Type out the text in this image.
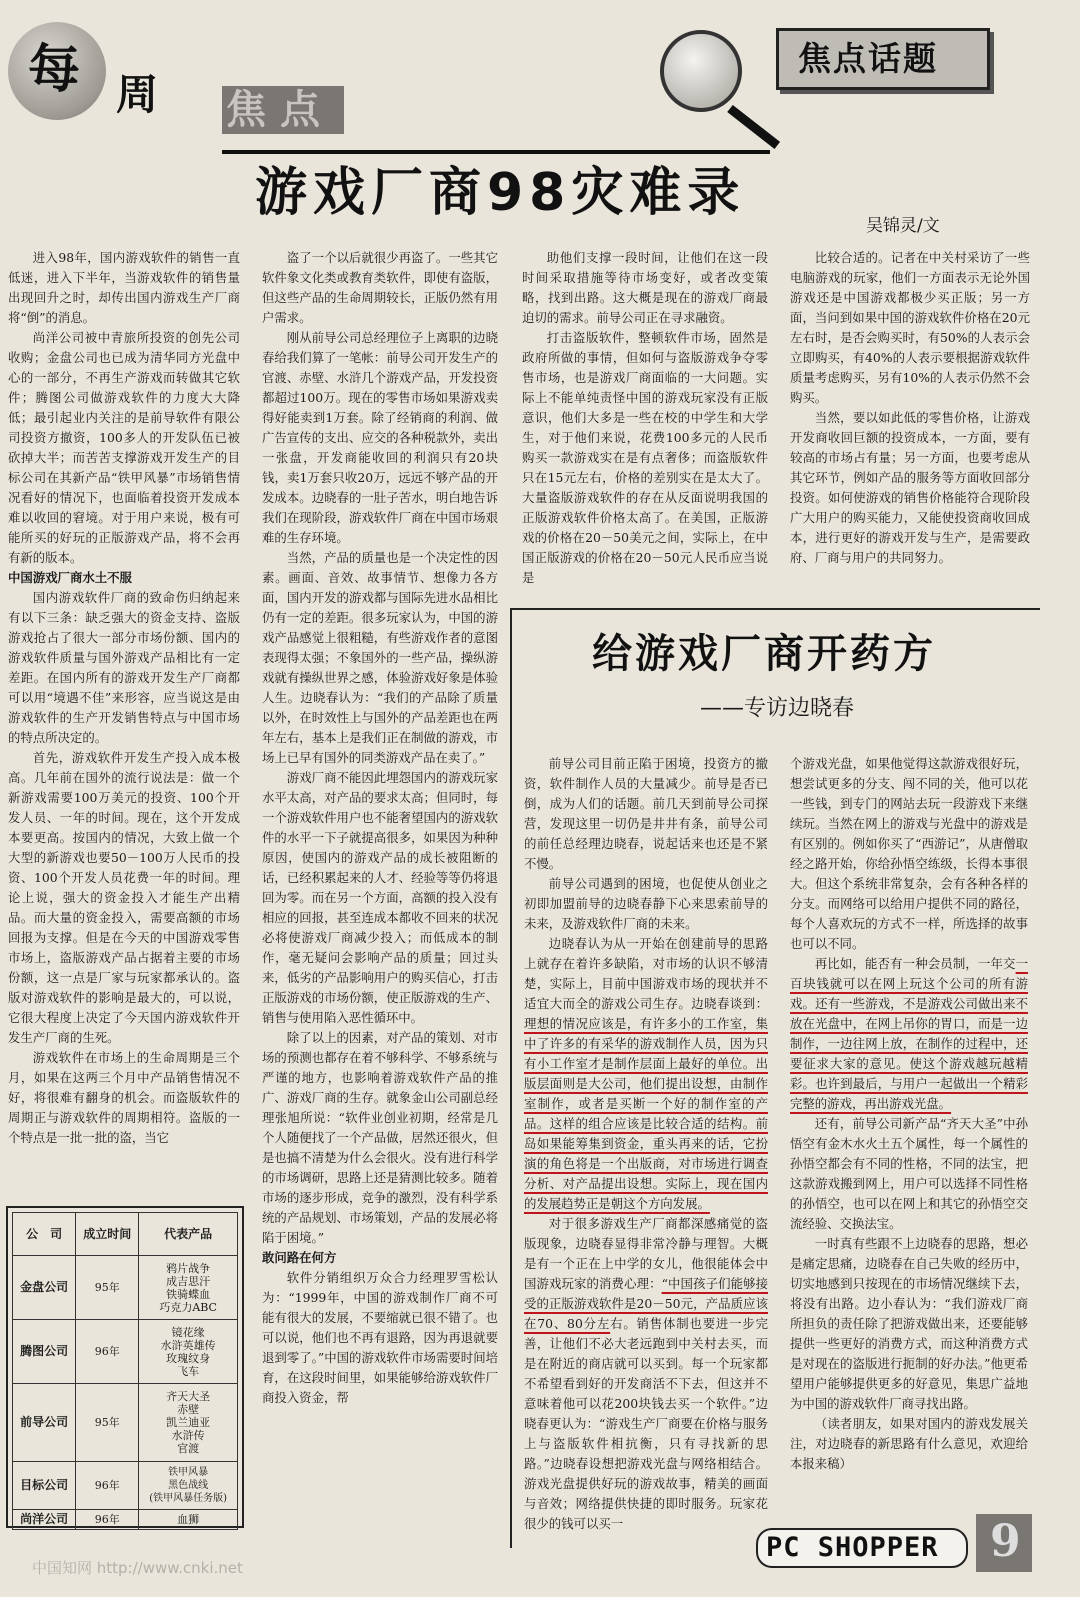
每 周 焦点
焦点话题
游戏厂商98灾难录
吴锦灵/文

进入98年，国内游戏软件的销售一直低迷，进入下半年，当游戏软件的销售量出现回升之时，却传出国内游戏生产厂商将“倒”的消息。

尚洋公司被中青旅所投资的创先公司收购；金盘公司也已成为清华同方光盘中心的一部分，不再生产游戏而转做其它软件；腾图公司做游戏软件的力度大大降低；最引起业内关注的是前导软件有限公司投资方撤资，100多人的开发队伍已被砍掉大半；而苦苦支撑游戏开发生产的目标公司在其新产品“铁甲风暴”市场销售情况看好的情况下，也面临着投资开发成本难以收回的窘境。对于用户来说，极有可能所买的好玩的正版游戏产品，将不会再有新的版本。

中国游戏厂商水土不服

国内游戏软件厂商的致命伤归纳起来有以下三条：缺乏强大的资金支持、盗版游戏抢占了很大一部分市场份额、国内的游戏软件质量与国外游戏产品相比有一定差距。在国内所有的游戏开发生产厂商都可以用“境遇不佳”来形容，应当说这是由游戏软件的生产开发销售特点与中国市场的特点所决定的。

首先，游戏软件开发生产投入成本极高。几年前在国外的流行说法是：做一个新游戏需要100万美元的投资、100个开发人员、一年的时间。现在，这个开发成本要更高。按国内的情况，大致上做一个大型的新游戏也要50－100万人民币的投资、100个开发人员花费一年的时间。理论上说，强大的资金投入才能生产出精品。而大量的资金投入，需要高额的市场回报为支撑。但是在今天的中国游戏零售市场上，盗版游戏产品占据着主要的市场份额，这一点是厂家与玩家都承认的。盗版对游戏软件的影响是最大的，可以说，它很大程度上决定了今天国内游戏软件开发生产厂商的生死。

游戏软件在市场上的生命周期是三个月，如果在这两三个月中产品销售情况不好，将很难有翻身的机会。而盗版软件的周期正与游戏软件的周期相符。盗版的一个特点是一批一批的盗，当它

公　司	成立时间	代表产品
金盘公司	95年	鸦片战争
成吉思汗
铁骑蝶血
巧克力ABC
腾图公司	96年	镜花缘
水浒英雄传
玫瑰纹身
飞车
前导公司	95年	齐天大圣
赤壁
凯兰迪亚
水浒传
官渡
目标公司	96年	铁甲风暴
黑色战线
(铁甲风暴任务版)
尚洋公司	96年	血狮

盗了一个以后就很少再盗了。一些其它软件象文化类或教育类软件，即使有盗版，但这些产品的生命周期较长，正版仍然有用户需求。

刚从前导公司总经理位子上离职的边晓春给我们算了一笔帐：前导公司开发生产的官渡、赤壁、水浒几个游戏产品，开发投资都超过100万。现在的零售市场如果游戏卖得好能卖到1万套。除了经销商的利润、做广告宣传的支出、应交的各种税款外，卖出一张盘，开发商能收回的利润只有20块钱，卖1万套只收20万，远远不够产品的开发成本。边晓春的一肚子苦水，明白地告诉我们在现阶段，游戏软件厂商在中国市场艰难的生存环境。

当然，产品的质量也是一个决定性的因素。画面、音效、故事情节、想像力各方面，国内开发的游戏都与国际先进水品相比仍有一定的差距。很多玩家认为，中国的游戏产品感觉上很粗糙，有些游戏作者的意图表现得太强；不象国外的一些产品，操纵游戏就有操纵世界之感，体验游戏好象是体验人生。边晓春认为：“我们的产品除了质量以外，在时效性上与国外的产品差距也在两年左右，基本上是我们正在制做的游戏，市场上已早有国外的同类游戏产品在卖了。”

游戏厂商不能因此埋怨国内的游戏玩家水平太高，对产品的要求太高；但同时，每一个游戏软件用户也不能奢望国内的游戏软件的水平一下子就提高很多，如果因为种种原因，使国内的游戏产品的成长被阻断的话，已经积累起来的人才、经验等等仍将退回为零。而在另一个方面，高额的投入没有相应的回报，甚至连成本都收不回来的状况必将使游戏厂商减少投入；而低成本的制作，毫无疑问会影响产品的质量；回过头来，低劣的产品影响用户的购买信心，打击正版游戏的市场份额，使正版游戏的生产、销售与使用陷入恶性循环中。

除了以上的因素，对产品的策划、对市场的预测也都存在着不够科学、不够系统与严谨的地方，也影响着游戏软件产品的推广、游戏厂商的生存。就象金山公司副总经理张旭所说：“软件业创业初期，经常是几个人随便找了一个产品做，居然还很火，但是也搞不清楚为什么会很火。没有进行科学的市场调研，思路上还是猜测比较多。随着市场的逐步形成，竞争的激烈，没有科学系统的产品规划、市场策划，产品的发展必将陷于困境。”

敢问路在何方

软件分销组织万众合力经理罗雪松认为：“1999年，中国的游戏制作厂商不可能有很大的发展，不要缩就已很不错了。也可以说，他们也不再有退路，因为再退就要退到零了。”中国的游戏软件市场需要时间培育，在这段时间里，如果能够给游戏软件厂商投入资金，帮

助他们支撑一段时间，让他们在这一段时间采取措施等待市场变好，或者改变策略，找到出路。这大概是现在的游戏厂商最迫切的需求。前导公司正在寻求融资。

打击盗版软件，整顿软件市场，固然是政府所做的事情，但如何与盗版游戏争夺零售市场，也是游戏厂商面临的一大问题。实际上不能单纯责怪中国的游戏玩家没有正版意识，他们大多是一些在校的中学生和大学生，对于他们来说，花费100多元的人民币购买一款游戏实在是有点奢侈；而盗版软件只在15元左右，价格的差别实在是太大了。大量盗版游戏软件的存在从反面说明我国的正版游戏软件价格太高了。在美国，正版游戏的价格在20－50美元之间，实际上，在中国正版游戏的价格在20－50元人民币应当说是

比较合适的。记者在中关村采访了一些电脑游戏的玩家，他们一方面表示无论外国游戏还是中国游戏都极少买正版；另一方面，当问到如果中国的游戏软件价格在20元左右时，是否会购买时，有50%的人表示会立即购买，有40%的人表示要根据游戏软件质量考虑购买，另有10%的人表示仍然不会购买。

当然，要以如此低的零售价格，让游戏开发商收回巨额的投资成本，一方面，要有较高的市场占有量；另一方面，也要考虑从其它环节，例如产品的服务等方面收回部分投资。如何使游戏的销售价格能符合现阶段广大用户的购买能力，又能使投资商收回成本，进行更好的游戏开发与生产，是需要政府、厂商与用户的共同努力。

给游戏厂商开药方
——专访边晓春

前导公司目前正陷于困境，投资方的撤资，软件制作人员的大量减少。前导是否已倒，成为人们的话题。前几天到前导公司探营，发现这里一切仍是井井有条，前导公司的前任总经理边晓春，说起话来也还是不紧不慢。

前导公司遇到的困境，也促使从创业之初即加盟前导的边晓春静下心来思索前导的未来，及游戏软件厂商的未来。

边晓春认为从一开始在创建前导的思路上就存在着许多缺陷，对市场的认识不够清楚，实际上，目前中国游戏市场的现状并不适宜大而全的游戏公司生存。边晓春谈到：理想的情况应该是，有许多小的工作室，集中了许多的有采华的游戏制作人员，因为只有小工作室才是制作层面上最好的单位。出版层面则是大公司，他们提出设想，由制作室制作，或者是买断一个好的制作室的产品。这样的组合应该是比较合适的结构。前岛如果能筹集到资金，重头再来的话，它扮演的角色将是一个出版商，对市场进行调查分析、对产品提出设想。实际上，现在国内的发展趋势正是朝这个方向发展。

对于很多游戏生产厂商都深感痛觉的盗版现象，边晓春显得非常冷静与理智。大概是有一个正在上中学的女儿，他很能体会中国游戏玩家的消费心理：“中国孩子们能够接受的正版游戏软件是20－50元，产品质应该在70、80分左右。销售体制也要进一步完善，让他们不必大老远跑到中关村去买，而是在附近的商店就可以买到。每一个玩家都不希望看到好的开发商活不下去，但这并不意味着他可以花200块钱去买一个软件。”边晓春更认为：“游戏生产厂商要在价格与服务上与盗版软件相抗衡，只有寻找新的思路。”边晓春设想把游戏光盘与网络相结合。游戏光盘提供好玩的游戏故事，精美的画面与音效；网络提供快捷的即时服务。玩家花很少的钱可以买一

个游戏光盘，如果他觉得这款游戏很好玩，想尝试更多的分支、闯不同的关，他可以花一些钱，到专门的网站去玩一段游戏下来继续玩。当然在网上的游戏与光盘中的游戏是有区别的。例如你买了“西游记”，从唐僧取经之路开始，你给孙悟空练级，长得本事很大。但这个系统非常复杂，会有各种各样的分支。而网络可以给用户提供不同的路径，每个人喜欢玩的方式不一样，所选择的故事也可以不同。

再比如，能否有一种会员制，一年交一百块钱就可以在网上玩这个公司的所有游戏。还有一些游戏，不是游戏公司做出来不放在光盘中，在网上吊你的胃口，而是一边制作，一边往网上放，在制作的过程中，还要征求大家的意见。使这个游戏越玩越精彩。也许到最后，与用户一起做出一个精彩完整的游戏，再出游戏光盘。

还有，前导公司新产品“齐天大圣”中孙悟空有金木水火土五个属性，每一个属性的孙悟空都会有不同的性格，不同的法宝，把这款游戏搬到网上，用户可以选择不同性格的孙悟空，也可以在网上和其它的孙悟空交流经验、交换法宝。

一时真有些跟不上边晓春的思路，想必是痛定思痛，边晓春在自己失败的经历中，切实地感到只按现在的市场情况继续下去，将没有出路。边小春认为：“我们游戏厂商所担负的责任除了把游戏做出来，还要能够提供一些更好的消费方式，而这种消费方式是对现在的盗版进行扼制的好办法。”他更希望用户能够提供更多的好意见，集思广益地为中国的游戏软件厂商寻找出路。

（读者朋友，如果对国内的游戏发展关注，对边晓春的新思路有什么意见，欢迎给本报来稿）

PC SHOPPER 9
中国知网 http://www.cnki.net
